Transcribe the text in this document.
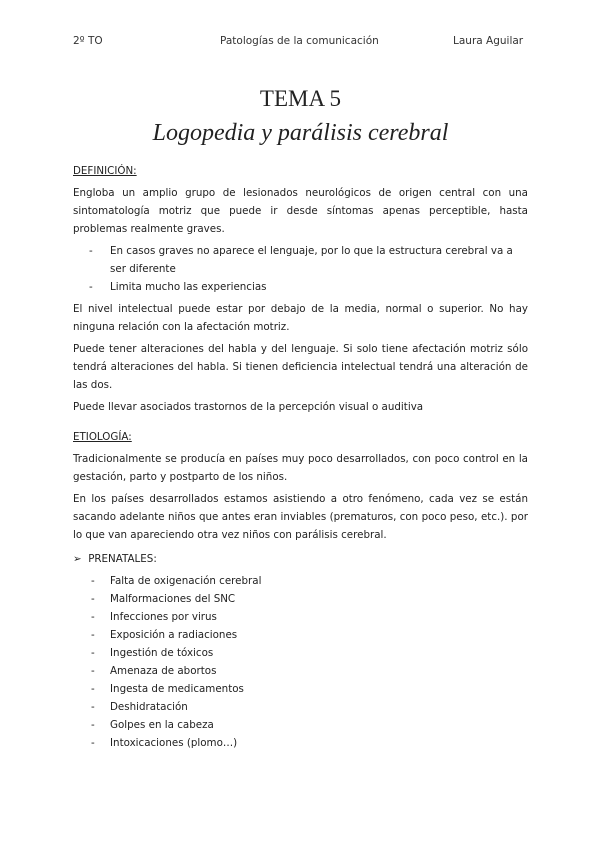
2º TO	Patologías de la comunicación	Laura Aguilar
TEMA 5
Logopedia y parálisis cerebral
DEFINICIÓN:

Engloba un amplio grupo de lesionados neurológicos de origen central con una sintomatología motriz que puede ir desde síntomas apenas perceptible, hasta problemas realmente graves.

- En casos graves no aparece el lenguaje, por lo que la estructura cerebral va a ser diferente
- Limita mucho las experiencias

El nivel intelectual puede estar por debajo de la media, normal o superior. No hay ninguna relación con la afectación motriz.

Puede tener alteraciones del habla y del lenguaje. Si solo tiene afectación motriz sólo tendrá alteraciones del habla. Si tienen deficiencia intelectual tendrá una alteración de las dos.

Puede llevar asociados trastornos de la percepción visual o auditiva

ETIOLOGÍA:

Tradicionalmente se producía en países muy poco desarrollados, con poco control en la gestación, parto y postparto de los niños.

En los países desarrollados estamos asistiendo a otro fenómeno, cada vez se están sacando adelante niños que antes eran inviables (prematuros, con poco peso, etc.). por lo que van apareciendo otra vez niños con parálisis cerebral.

➢  PRENATALES:
- Falta de oxigenación cerebral
- Malformaciones del SNC
- Infecciones por virus
- Exposición a radiaciones
- Ingestión de tóxicos
- Amenaza de abortos
- Ingesta de medicamentos
- Deshidratación
- Golpes en la cabeza
- Intoxicaciones (plomo…)
